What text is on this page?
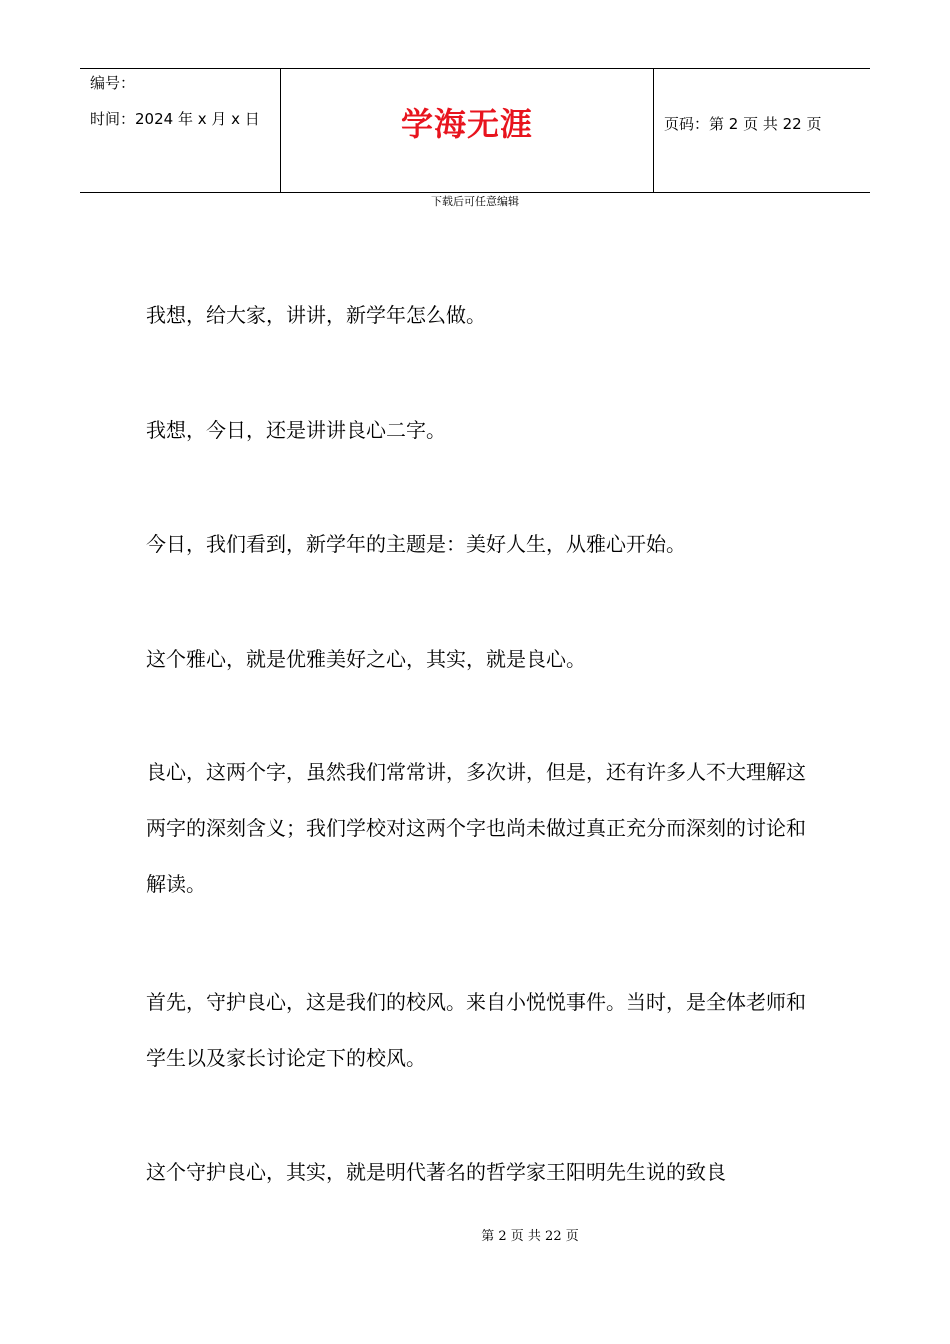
编号：
时间：2024 年 x 月 x 日	学海无涯	页码：第 2 页 共 22 页
下载后可任意编辑

我想，给大家，讲讲，新学年怎么做。

我想，今日，还是讲讲良心二字。

今日，我们看到，新学年的主题是：美好人生，从雅心开始。

这个雅心，就是优雅美好之心，其实，就是良心。

良心，这两个字，虽然我们常常讲，多次讲，但是，还有许多人不大理解这两字的深刻含义；我们学校对这两个字也尚未做过真正充分而深刻的讨论和解读。

首先，守护良心，这是我们的校风。来自小悦悦事件。当时，是全体老师和学生以及家长讨论定下的校风。

这个守护良心，其实，就是明代著名的哲学家王阳明先生说的致良

第 2 页 共 22 页
